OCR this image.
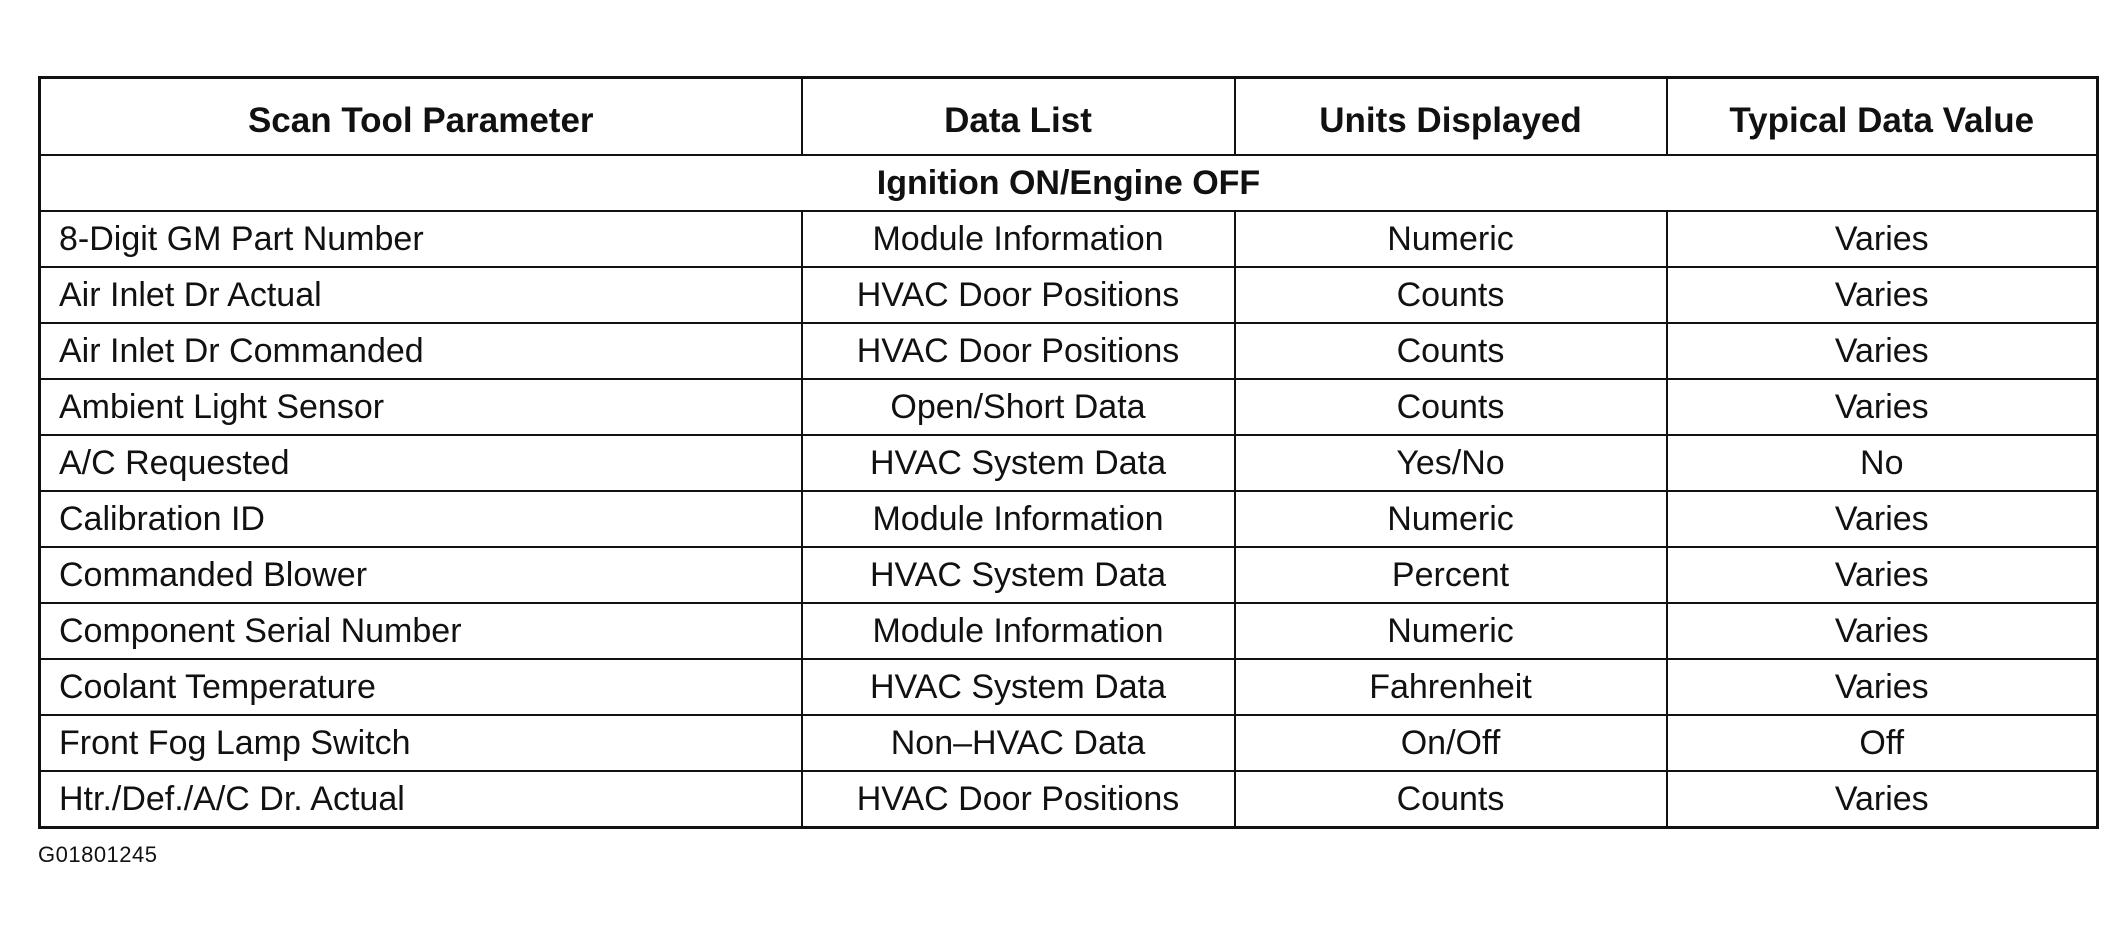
Scan Tool Parameter	Data List	Units Displayed	Typical Data Value
Ignition ON/Engine OFF			
8-Digit GM Part Number	Module Information	Numeric	Varies
Air Inlet Dr Actual	HVAC Door Positions	Counts	Varies
Air Inlet Dr Commanded	HVAC Door Positions	Counts	Varies
Ambient Light Sensor	Open/Short Data	Counts	Varies
A/C Requested	HVAC System Data	Yes/No	No
Calibration ID	Module Information	Numeric	Varies
Commanded Blower	HVAC System Data	Percent	Varies
Component Serial Number	Module Information	Numeric	Varies
Coolant Temperature	HVAC System Data	Fahrenheit	Varies
Front Fog Lamp Switch	Non–HVAC Data	On/Off	Off
Htr./Def./A/C Dr. Actual	HVAC Door Positions	Counts	Varies
G01801245
